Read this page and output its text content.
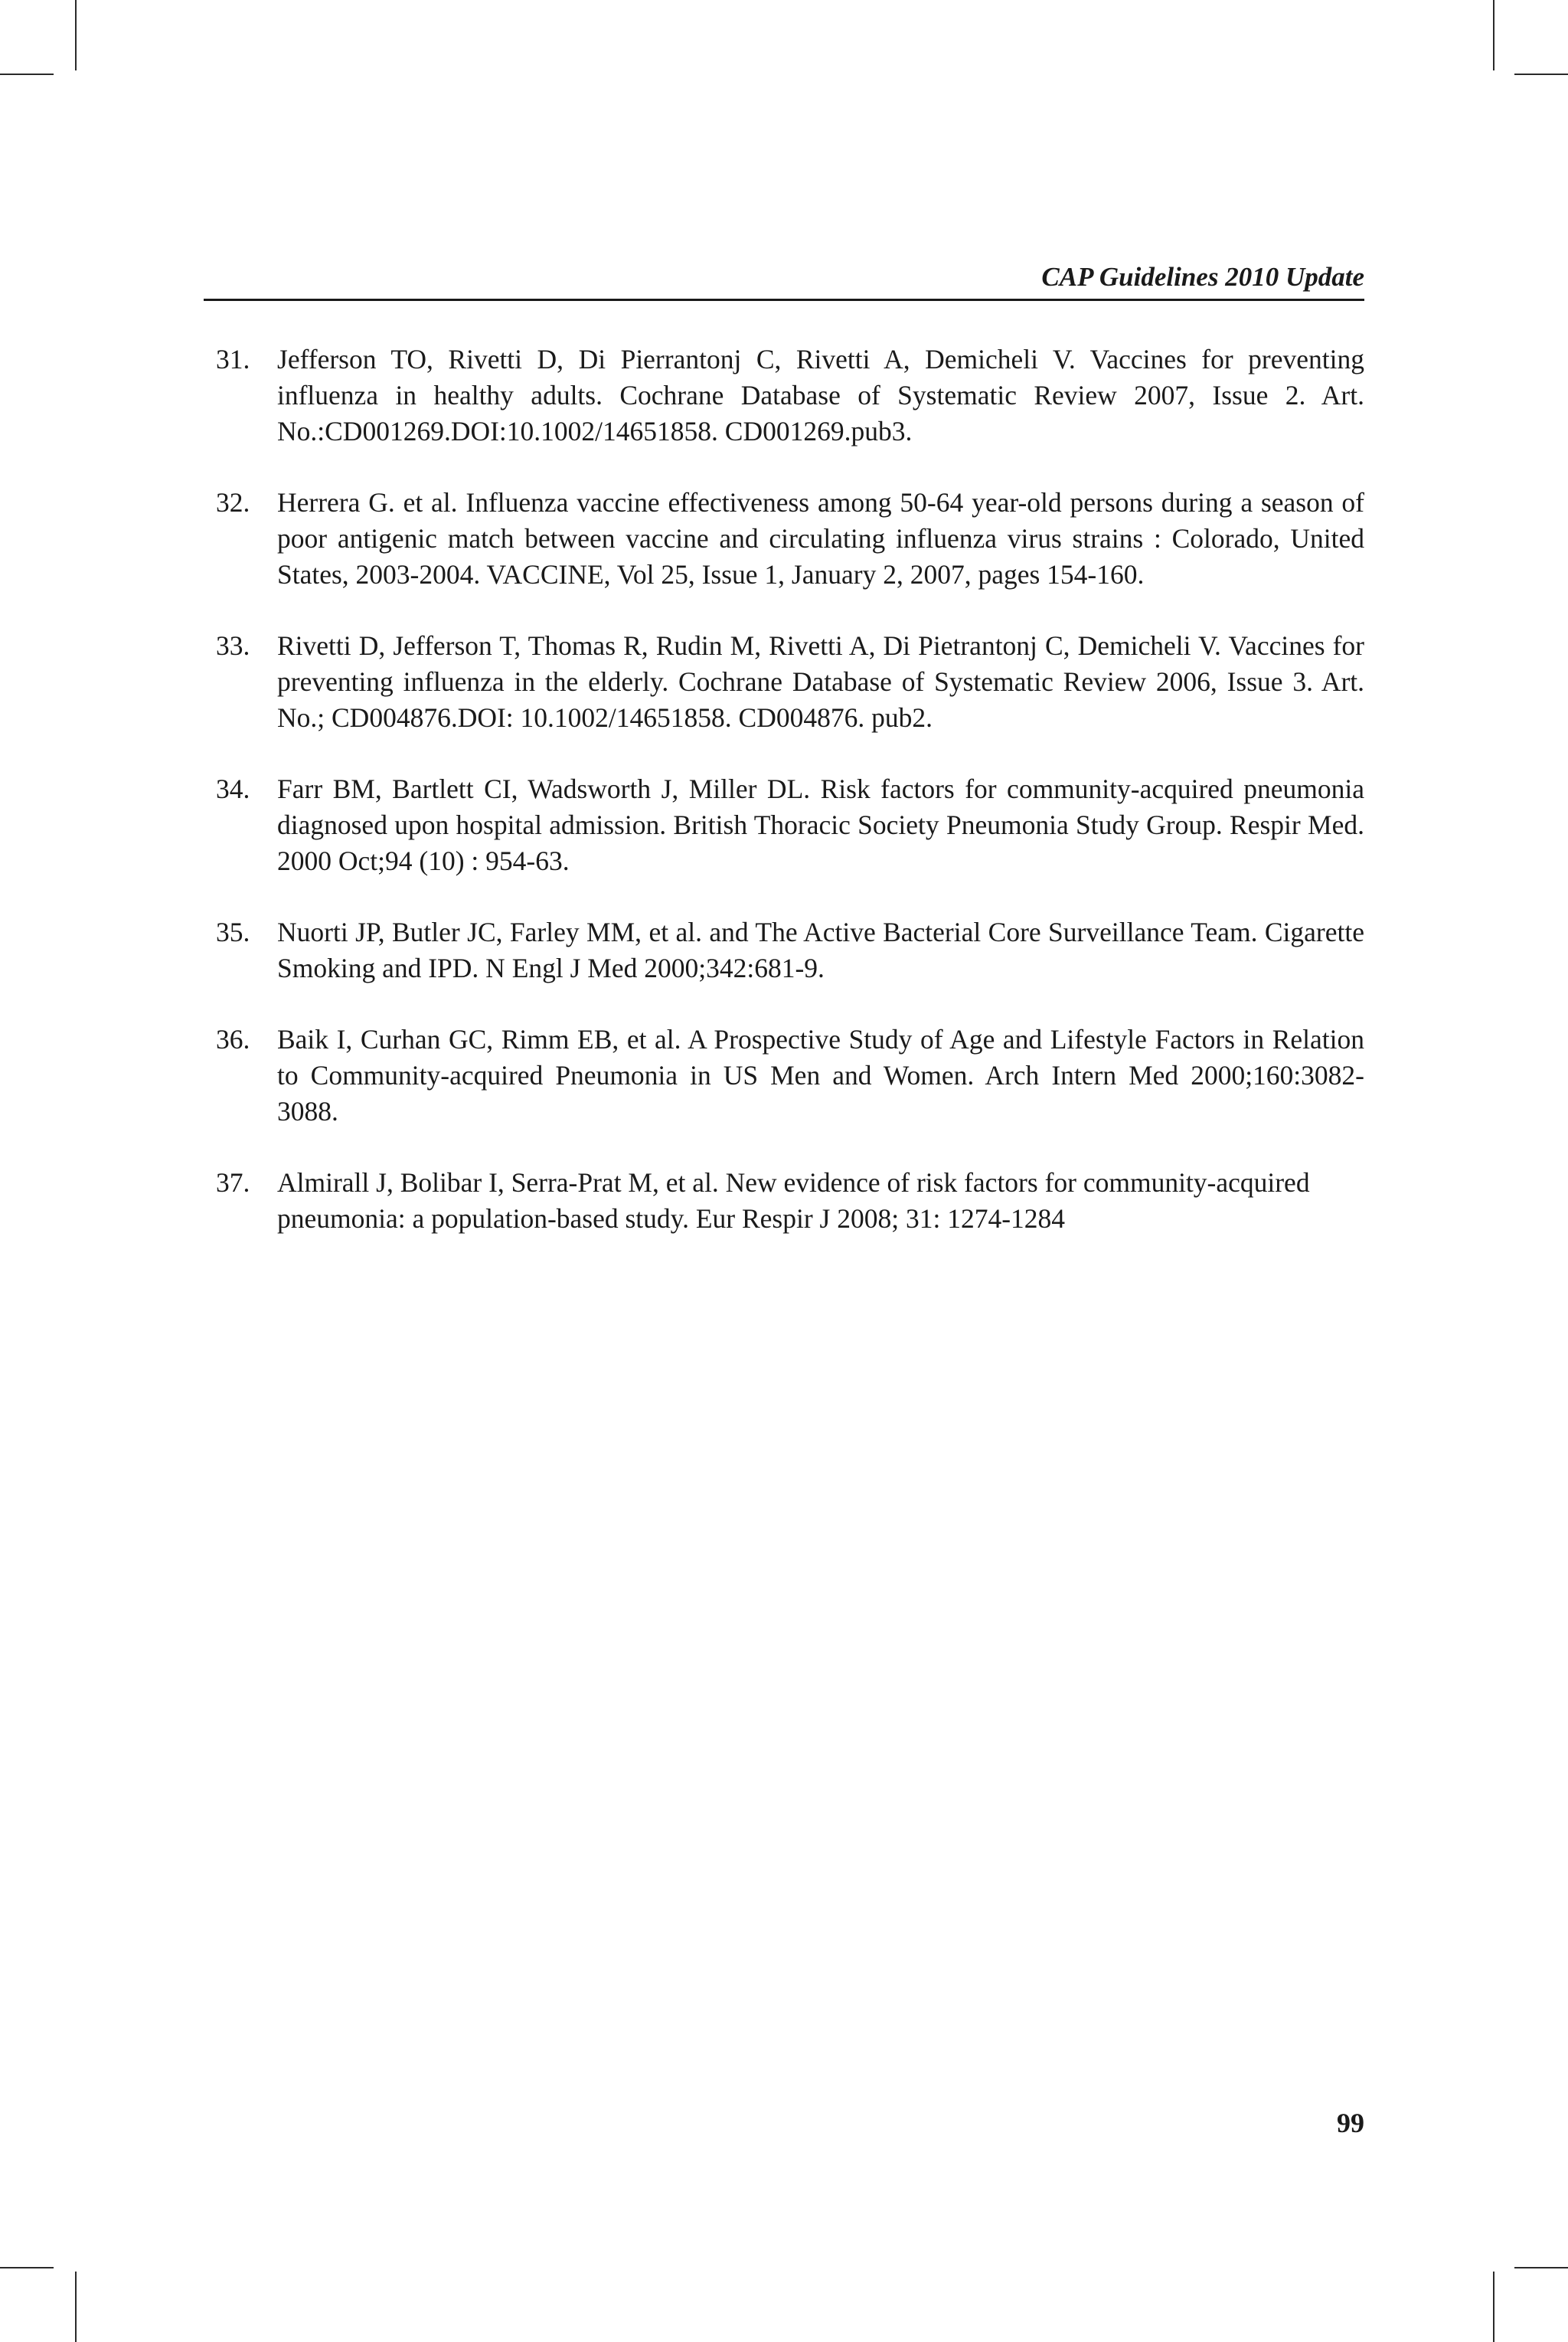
CAP Guidelines 2010 Update
31.	Jefferson TO, Rivetti D, Di Pierrantonj C, Rivetti A, Demicheli V. Vaccines for preventing influenza in healthy adults. Cochrane Database of Systematic Review 2007, Issue 2. Art. No.:CD001269.DOI:10.1002/14651858. CD001269.pub3.
32.	Herrera G. et al. Influenza vaccine effectiveness among 50-64 year-old persons during a season of poor antigenic match between vaccine and circulating influenza virus strains : Colorado, United States, 2003-2004. VACCINE, Vol 25, Issue 1, January 2, 2007, pages 154-160.
33.	Rivetti D, Jefferson T, Thomas R, Rudin M, Rivetti A, Di Pietrantonj C, Demicheli V. Vaccines for preventing influenza in the elderly. Cochrane Database of Systematic Review 2006, Issue 3. Art. No.; CD004876.DOI: 10.1002/14651858. CD004876. pub2.
34.	Farr BM, Bartlett CI, Wadsworth J, Miller DL. Risk factors for community-acquired pneumonia diagnosed upon hospital admission. British Thoracic Society Pneumonia Study Group. Respir Med. 2000 Oct;94 (10) : 954-63.
35.	Nuorti JP, Butler JC, Farley MM, et al. and The Active Bacterial Core Surveillance Team. Cigarette Smoking and IPD. N Engl J Med 2000;342:681-9.
36.	Baik I, Curhan GC, Rimm EB, et al. A Prospective Study of Age and Lifestyle Factors in Relation to Community-acquired Pneumonia in US Men and Women. Arch Intern Med 2000;160:3082-3088.
37.	Almirall J, Bolibar I, Serra-Prat M, et al. New evidence of risk factors for community-acquired pneumonia: a population-based study. Eur Respir J 2008; 31: 1274-1284
99
